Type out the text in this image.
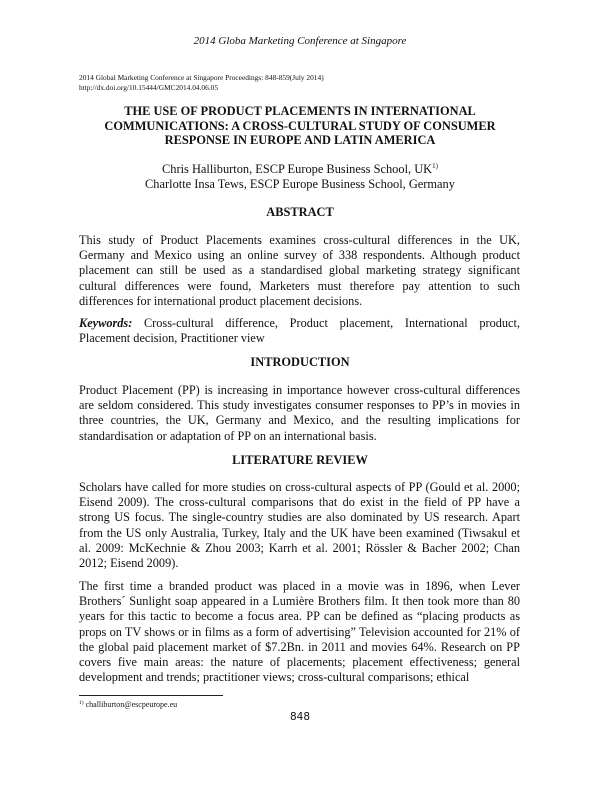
2014 Globa Marketing Conference at Singapore
2014 Global Marketing Conference at Singapore Proceedings: 848-859(July 2014)
http://dx.doi.org/10.15444/GMC2014.04.06.05
THE USE OF PRODUCT PLACEMENTS IN INTERNATIONAL
COMMUNICATIONS: A CROSS-CULTURAL STUDY OF CONSUMER
RESPONSE IN EUROPE AND LATIN AMERICA
Chris Halliburton, ESCP Europe Business School, UK$^{1)}$
Charlotte Insa Tews, ESCP Europe Business School, Germany
ABSTRACT
This study of Product Placements examines cross-cultural differences in the UK, Germany and Mexico using an online survey of 338 respondents. Although product placement can still be used as a standardised global marketing strategy significant cultural differences were found, Marketers must therefore pay attention to such differences for international product placement decisions.
Keywords: Cross-cultural difference, Product placement, International product, Placement decision, Practitioner view
INTRODUCTION
Product Placement (PP) is increasing in importance however cross-cultural differences are seldom considered. This study investigates consumer responses to PP’s in movies in three countries, the UK, Germany and Mexico, and the resulting implications for standardisation or adaptation of PP on an international basis.
LITERATURE REVIEW
Scholars have called for more studies on cross-cultural aspects of PP (Gould et al. 2000; Eisend 2009). The cross-cultural comparisons that do exist in the field of PP have a strong US focus. The single-country studies are also dominated by US research. Apart from the US only Australia, Turkey, Italy and the UK have been examined (Tiwsakul et al. 2009: McKechnie & Zhou 2003; Karrh et al. 2001; Rössler & Bacher 2002; Chan 2012; Eisend 2009).
The first time a branded product was placed in a movie was in 1896, when Lever Brothers´ Sunlight soap appeared in a Lumière Brothers film. It then took more than 80 years for this tactic to become a focus area. PP can be defined as “placing products as props on TV shows or in films as a form of advertising” Television accounted for 21% of the global paid placement market of $7.2Bn. in 2011 and movies 64%. Research on PP covers five main areas: the nature of placements; placement effectiveness; general development and trends; practitioner views; cross-cultural comparisons; ethical
$^{1)}$ challiburton@escpeurope.eu
848
